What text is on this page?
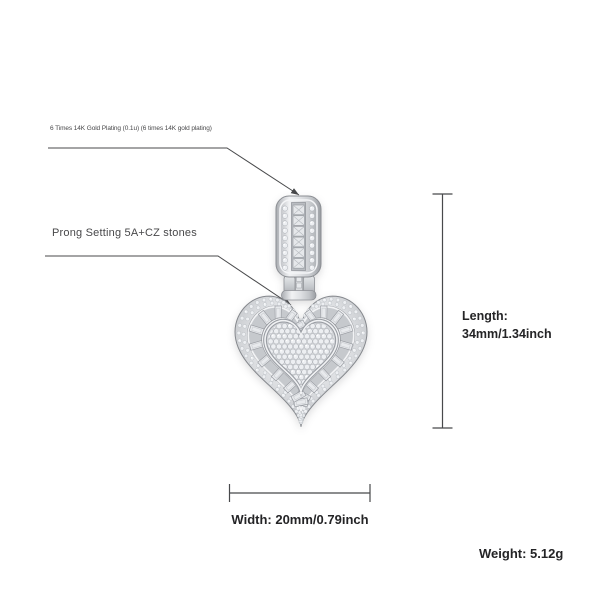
6 Times 14K Gold Plating (0.1u) (6 times 14K gold plating)
Prong Setting 5A+CZ stones
Length:
34mm/1.34inch
Width: 20mm/0.79inch
Weight: 5.12g
